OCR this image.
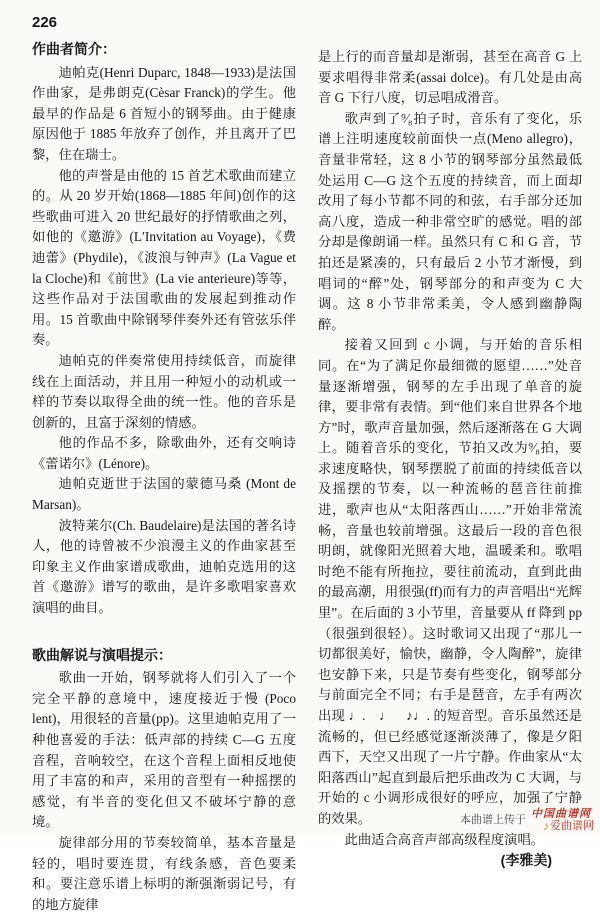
226
作曲者简介：

迪帕克(Henri Duparc, 1848—1933)是法国作曲家，是弗朗克(Cèsar Franck)的学生。他最早的作品是 6 首短小的钢琴曲。由于健康原因他于 1885 年放弃了创作，并且离开了巴黎，住在瑞士。

他的声誉是由他的 15 首艺术歌曲而建立的。从 20 岁开始(1868—1885 年间)创作的这些歌曲可进入 20 世纪最好的抒情歌曲之列，如他的《邀游》(L′Invitation au Voyage)，《费迪蕾》(Phydile)，《波浪与钟声》(La Vague et la Cloche)和《前世》(La vie anterieure)等等，这些作品对于法国歌曲的发展起到推动作用。15 首歌曲中除钢琴伴奏外还有管弦乐伴奏。

迪帕克的伴奏常使用持续低音，而旋律线在上面活动，并且用一种短小的动机或一样的节奏以取得全曲的统一性。他的音乐是创新的，且富于深刻的情感。

他的作品不多，除歌曲外，还有交响诗《蕾诺尔》(Lénore)。

迪帕克逝世于法国的蒙德马桑 (Mont de Marsan)。

波特莱尔(Ch. Baudelaire)是法国的著名诗人，他的诗曾被不少浪漫主义的作曲家甚至印象主义作曲家谱成歌曲，迪帕克选用的这首《邀游》谱写的歌曲，是许多歌唱家喜欢演唱的曲目。

歌曲解说与演唱提示：

歌曲一开始，钢琴就将人们引入了一个完全平静的意境中，速度接近于慢 (Poco lent)，用很轻的音量(pp)。这里迪帕克用了一种他喜爱的手法：低声部的持续 C—G 五度音程，音响较空，在这个音程上面相反地使用了丰富的和声，采用的音型有一种摇摆的感觉，有半音的变化但又不破坏宁静的意境。

旋律部分用的节奏较简单，基本音量是轻的，唱时要连贯，有线条感，音色要柔和。要注意乐谱上标明的渐强渐弱记号，有的地方旋律

是上行的而音量却是渐弱，甚至在高音 G 上要求唱得非常柔(assai dolce)。有几处是由高音 G 下行八度，切忌唱成滑音。

歌声到了⁹⁄₈拍子时，音乐有了变化，乐谱上注明速度较前面快一点(Meno allegro)，音量非常轻，这 8 小节的钢琴部分虽然最低处运用 C—G 这个五度的持续音，而上面却改用了每小节都不同的和弦，右手部分还加高八度，造成一种非常空旷的感觉。唱的部分却是像朗诵一样。虽然只有 C 和 G 音，节拍还是紧凑的，只有最后 2 小节才渐慢，到唱词的“醉”处，钢琴部分的和声变为 C 大调。这 8 小节非常柔美，令人感到幽静陶醉。

接着又回到 c 小调，与开始的音乐相同。在“为了满足你最细微的愿望……”处音量逐渐增强，钢琴的左手出现了单音的旋律，要非常有表情。到“他们来自世界各个地方”时，歌声音量加强，然后逐渐落在 G 大调上。随着音乐的变化，节拍又改为⁹⁄₈拍，要求速度略快，钢琴摆脱了前面的持续低音以及摇摆的节奏，以一种流畅的琶音往前推进，歌声也从“太阳落西山……”开始非常流畅，音量也较前增强。这最后一段的音色很明朗，就像阳光照着大地，温暖柔和。歌唱时绝不能有所拖拉，要往前流动，直到此曲的最高潮，用很强(ff)而有力的声音唱出“光辉里”。在后面的 3 小节里，音量要从 ff 降到 pp（很强到很轻）。这时歌词又出现了“那儿一切都很美好，愉快，幽静，令人陶醉”，旋律也安静下来，只是节奏有些变化，钢琴部分与前面完全不同；右手是琶音，左手有两次出现 ♩.　♩　♪♩. 的短音型。音乐虽然还是流畅的，但已经感觉逐渐淡薄了，像是夕阳西下，天空又出现了一片宁静。作曲家从“太阳落西山”起直到最后把乐曲改为 C 大调，与开始的 c 小调形成很好的呼应，加强了宁静的效果。

此曲适合高音声部高级程度演唱。

(李雅美)

本曲谱上传于 中国曲谱网
♪ 爱曲谱网
